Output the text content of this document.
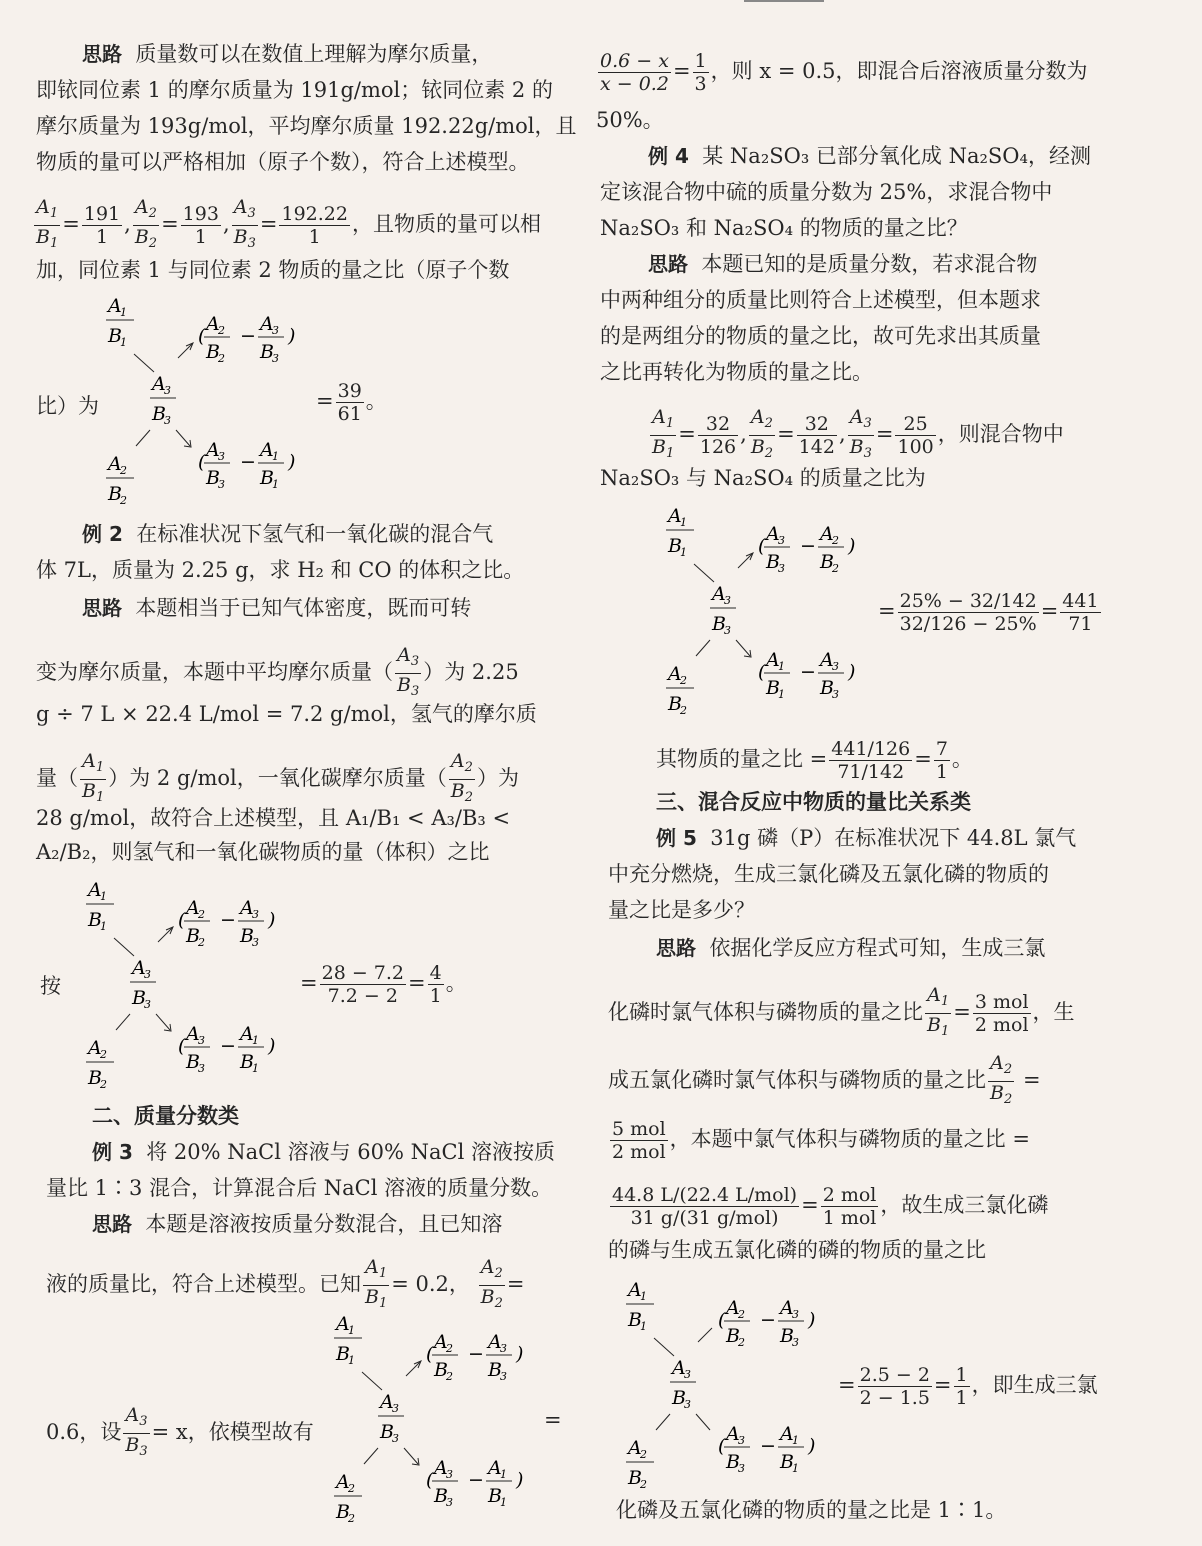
思路 质量数可以在数值上理解为摩尔质量，
即铱同位素 1 的摩尔质量为 191g/mol；铱同位素 2 的
摩尔质量为 193g/mol，平均摩尔质量 192.22g/mol，且
物质的量可以严格相加（原子个数），符合上述模型。
$\frac{A_1}{B_1} = \frac{191}{1}$ , $\frac{A_2}{B_2} = \frac{193}{1}$ , $\frac{A_3}{B_3} = \frac{192.22}{1}$ ，且物质的量可以相
加，同位素 1 与同位素 2 物质的量之比（原子个数
比）为
A
1
B
1	(
A
2
B
2
−
A
3
B
3
)
A
3
B
3
(
A
3
B
3
−
A
1
B
1
)
A
2
B
2
= $\frac{39}{61}$ 。
例 2 在标准状况下氢气和一氧化碳的混合气
体 7L，质量为 2.25 g，求 H₂ 和 CO 的体积之比。
思路 本题相当于已知气体密度，既而可转
变为摩尔质量，本题中平均摩尔质量（ $\frac{A_3}{B_3}$ ）为 2.25
g ÷ 7 L × 22.4 L/mol = 7.2 g/mol，氢气的摩尔质
量（ $\frac{A_1}{B_1}$ ）为 2 g/mol，一氧化碳摩尔质量（ $\frac{A_2}{B_2}$ ）为
28 g/mol，故符合上述模型，且 A₁/B₁ < A₃/B₃ <
A₂/B₂，则氢气和一氧化碳物质的量（体积）之比
按
A
1
B
1	(
A
2
B
2
−
A
3
B
3
)
A
3
B
3
(
A
3
B
3
−
A
1
B
1
)
A
2
B
2
= $\frac{28 - 7.2}{7.2 - 2} = \frac{4}{1}$ 。
二、质量分数类
例 3 将 20% NaCl 溶液与 60% NaCl 溶液按质
量比 1∶3 混合，计算混合后 NaCl 溶液的质量分数。
思路 本题是溶液按质量分数混合，且已知溶
液的质量比，符合上述模型。已知 $\frac{A_1}{B_1} = 0.2$， $\frac{A_2}{B_2}$ =
0.6，设 $\frac{A_3}{B_3} = x$，依模型故有
A
1
B
1	(
A
2
B
2
−
A
3
B
3
)
A
3
B
3
(
A
3
B
3
−
A
1
B
1
)
A
2
B
2
=
$\frac{0.6 - x}{x - 0.2} = \frac{1}{3}$ ，则 x = 0.5，即混合后溶液质量分数为
50%。
例 4 某 Na₂SO₃ 已部分氧化成 Na₂SO₄，经测
定该混合物中硫的质量分数为 25%，求混合物中
Na₂SO₃ 和 Na₂SO₄ 的物质的量之比？
思路 本题已知的是质量分数，若求混合物
中两种组分的质量比则符合上述模型，但本题求
的是两组分的物质的量之比，故可先求出其质量
之比再转化为物质的量之比。
$\frac{A_1}{B_1} = \frac{32}{126}$ , $\frac{A_2}{B_2} = \frac{32}{142}$ , $\frac{A_3}{B_3} = \frac{25}{100}$ ，则混合物中
Na₂SO₃ 与 Na₂SO₄ 的质量之比为
A
1
B
1	(
A
3
B
3
−
A
2
B
2
)
A
3
B
3
(
A
1
B
1
−
A
3
B
3
)
A
2
B
2
= $\frac{25\% - 32/142}{32/126 - 25\%} = \frac{441}{71}$
其物质的量之比 = $\frac{441/126}{71/142} = \frac{7}{1}$ 。
三、混合反应中物质的量比关系类
例 5 31g 磷（P）在标准状况下 44.8L 氯气
中充分燃烧，生成三氯化磷及五氯化磷的物质的
量之比是多少？
思路 依据化学反应方程式可知，生成三氯
化磷时氯气体积与磷物质的量之比 $\frac{A_1}{B_1} = \frac{\text{3 mol}}{\text{2 mol}}$ ，生
成五氯化磷时氯气体积与磷物质的量之比 $\frac{A_2}{B_2}$ =
$\frac{\text{5 mol}}{\text{2 mol}}$ ，本题中氯气体积与磷物质的量之比 =
$\frac{\text{44.8 L/(22.4 L/mol)}}{\text{31 g/(31 g/mol)}} = \frac{\text{2 mol}}{\text{1 mol}}$ ，故生成三氯化磷
的磷与生成五氯化磷的磷的物质的量之比
A
1
B
1	(
A
2
B
2
−
A
3
B
3
)
A
3
B
3
(
A
3
B
3
−
A
1
B
1
)
A
2
B
2
= $\frac{2.5 - 2}{2 - 1.5} = \frac{1}{1}$ ，即生成三氯
化磷及五氯化磷的物质的量之比是 1∶1。
